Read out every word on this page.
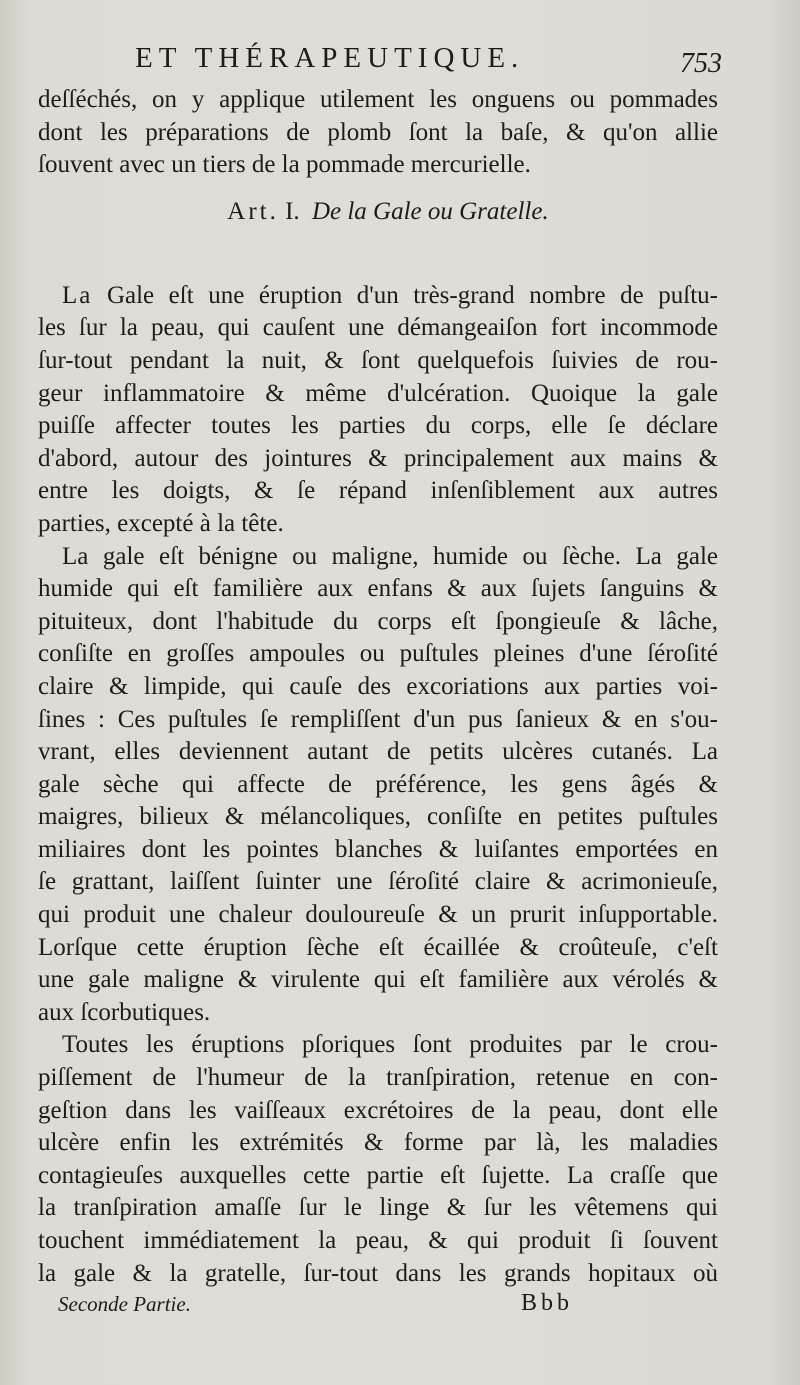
ET THÉRAPEUTIQUE.	753
deſſéchés, on y applique utilement les onguens ou pommades
dont les préparations de plomb ſont la baſe, & qu'on allie
ſouvent avec un tiers de la pommade mercurielle.
Art. I. De la Gale ou Gratelle.
La Gale eſt une éruption d'un très-grand nombre de puſtu-
les ſur la peau, qui cauſent une démangeaiſon fort incommode
ſur-tout pendant la nuit, & ſont quelquefois ſuivies de rou-
geur inflammatoire & même d'ulcération. Quoique la gale
puiſſe affecter toutes les parties du corps, elle ſe déclare
d'abord, autour des jointures & principalement aux mains &
entre les doigts, & ſe répand inſenſiblement aux autres
parties, excepté à la tête.
La gale eſt bénigne ou maligne, humide ou ſèche. La gale
humide qui eſt familière aux enfans & aux ſujets ſanguins &
pituiteux, dont l'habitude du corps eſt ſpongieuſe & lâche,
conſiſte en groſſes ampoules ou puſtules pleines d'une ſéroſité
claire & limpide, qui cauſe des excoriations aux parties voi-
ſines : Ces puſtules ſe rempliſſent d'un pus ſanieux & en s'ou-
vrant, elles deviennent autant de petits ulcères cutanés. La
gale sèche qui affecte de préférence, les gens âgés &
maigres, bilieux & mélancoliques, conſiſte en petites puſtules
miliaires dont les pointes blanches & luiſantes emportées en
ſe grattant, laiſſent ſuinter une ſéroſité claire & acrimonieuſe,
qui produit une chaleur douloureuſe & un prurit inſupportable.
Lorſque cette éruption ſèche eſt écaillée & croûteuſe, c'eſt
une gale maligne & virulente qui eſt familière aux vérolés &
aux ſcorbutiques.
Toutes les éruptions pſoriques ſont produites par le crou-
piſſement de l'humeur de la tranſpiration, retenue en con-
geſtion dans les vaiſſeaux excrétoires de la peau, dont elle
ulcère enfin les extrémités & forme par là, les maladies
contagieuſes auxquelles cette partie eſt ſujette. La craſſe que
la tranſpiration amaſſe ſur le linge & ſur les vêtemens qui
touchent immédiatement la peau, & qui produit ſi ſouvent
la gale & la gratelle, ſur-tout dans les grands hopitaux où
Seconde Partie.	Bbb
